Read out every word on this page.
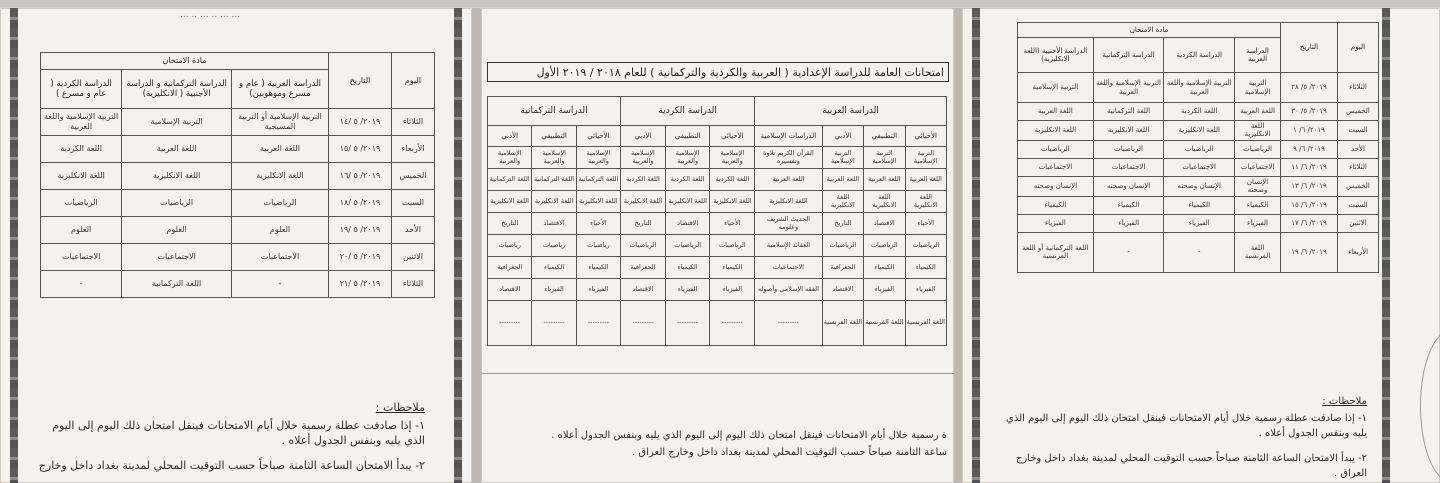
... ... .. ... .. ...
اليوم	التاريخ	مادة الامتحان		
		الدراسة العربية ( عام و مسرع وموهوبين)	الدراسة التركمانية و الدراسة الأجنبية ( الانكليزية)	الدراسة الكردية ( عام و مسرع )
الثلاثاء	٢٠١٩/ ٥ /١٤	التربية الإسلامية أو التربية المسيحية	التربية الإسلامية	التربية الإسلامية واللغة العربية
الأربعاء	٢٠١٩/ ٥ /١٥	اللغة العربية	اللغة العربية	اللغة الكردية
الخميس	٢٠١٩/ ٥ /١٦	اللغة الانكليزية	اللغة الانكليزية	اللغة الانكليزية
السبت	٢٠١٩/ ٥ /١٨	الرياضيات	الرياضيات	الرياضيات
الأحد	٢٠١٩/ ٥ /١٩	العلوم	العلوم	العلوم
الاثنين	٢٠١٩/ ٥ /٢٠	الاجتماعيات	الاجتماعيات	الاجتماعيات
الثلاثاء	٢٠١٩/ ٥ /٢١	-	اللغة التركمانية	-
ملاحظات :
١- إذا صادفت عطلة رسمية خلال أيام الامتحانات فينقل امتحان ذلك اليوم إلى اليوم الذي يليه وبنفس الجدول أعلاه .
٢- يبدأ الامتحان الساعة الثامنة صباحاً حسب التوقيت المحلي لمدينة بغداد داخل وخارج
امتحانات العامة للدراسة الإعدادية ( العربية والكردية والتركمانية ) للعام ٢٠١٨ / ٢٠١٩ الأول
الدراسة العربية				الدراسة الكردية			الدراسة التركمانية		
الأحيائي	التطبيقي	الأدبي	الدراسات الإسلامية	الأحيائي	التطبيقي	الأدبي	الأحيائي	التطبيقي	الأدبي
التربية الإسلامية	التربية الإسلامية	التربية الإسلامية	القرآن الكريم تلاوة وتفسيره	الإسلامية والعربية	الإسلامية والعربية	الإسلامية والعربية	الإسلامية والعربية	الإسلامية والعربية	الإسلامية والعربية
اللغة العربية	اللغة العربية	اللغة العربية	اللغة العربية	اللغة الكردية	اللغة الكردية	اللغة الكردية	اللغة التركمانية	اللغة التركمانية	اللغة التركمانية
اللغة الانكليزية	اللغة الانكليزية	اللغة الانكليزية	اللغة الانكليزية	اللغة الانكليزية	اللغة الانكليزية	اللغة الانكليزية	اللغة الانكليزية	اللغة الانكليزية	اللغة الانكليزية
الأحياء	الاقتصاد	التاريخ	الحديث الشريف وعلومه	الأحياء	الاقتصاد	التاريخ	الأحياء	الاقتصاد	التاريخ
الرياضيات	الرياضيات	الرياضيات	العقائد الإسلامية	الرياضيات	الرياضيات	الرياضيات	رياضيات	رياضيات	رياضيات
الكيمياء	الكيمياء	الجغرافية	الاجتماعيات	الكيمياء	الكيمياء	الجغرافية	الكيمياء	الكيمياء	الجغرافية
الفيزياء	الفيزياء	الاقتصاد	الفقه الإسلامي وأصوله	الفيزياء	الفيزياء	الاقتصاد	الفيزياء	الفيزياء	الاقتصاد
اللغة الفرنسية	اللغة الفرنسية	اللغة الفرنسية	---------	---------	---------	---------	---------	---------	---------
ة رسمية خلال أيام الامتحانات فينقل امتحان ذلك اليوم إلى اليوم الذي يليه وبنفس الجدول أعلاه .
ساعة الثامنة صباحاً حسب التوقيت المحلي لمدينة بغداد داخل وخارج العراق .
اليوم	التاريخ	مادة الامتحان			
		الدراسة العربية	الدراسة الكردية	الدراسة التركمانية	الدراسة الأجنبية (اللغة الانكليزية)
الثلاثاء	٢٠١٩/ ٥/ ٢٨	التربية الإسلامية	التربية الإسلامية واللغة العربية	التربية الإسلامية واللغة العربية	التربية الإسلامية
الخميس	٢٠١٩/ ٥/ ٣٠	اللغة العربية	اللغة الكردية	اللغة التركمانية	اللغة العربية
السبت	٢٠١٩/ ٦/ ١	اللغة الانكليزية	اللغة الانكليزية	اللغة الانكليزية	اللغة الانكليزية
الأحد	٢٠١٩/ ٦/ ٩	الرياضيات	الرياضيات	الرياضيات	الرياضيات
الثلاثاء	٢٠١٩/ ٦/ ١١	الاجتماعيات	الاجتماعيات	الاجتماعيات	الاجتماعيات
الخميس	٢٠١٩/ ٦/ ١٣	الإنسان وصحته	الإنسان وصحته	الإنسان وصحته	الإنسان وصحته
السبت	٢٠١٩/ ٦/ ١٥	الكيمياء	الكيمياء	الكيمياء	الكيمياء
الاثنين	٢٠١٩/ ٦/ ١٧	الفيزياء	الفيزياء	الفيزياء	الفيزياء
الأربعاء	٢٠١٩/ ٦/ ١٩	اللغة الفرنسية	-	-	اللغة التركمانية أو اللغة الفرنسية
ملاحظات :
١- إذا صادفت عطلة رسمية خلال أيام الامتحانات فينقل امتحان ذلك اليوم إلى اليوم الذي يليه وبنفس الجدول أعلاه .
٢- يبدأ الامتحان الساعة الثامنة صباحاً حسب التوقيت المحلي لمدينة بغداد داخل وخارج العراق .
